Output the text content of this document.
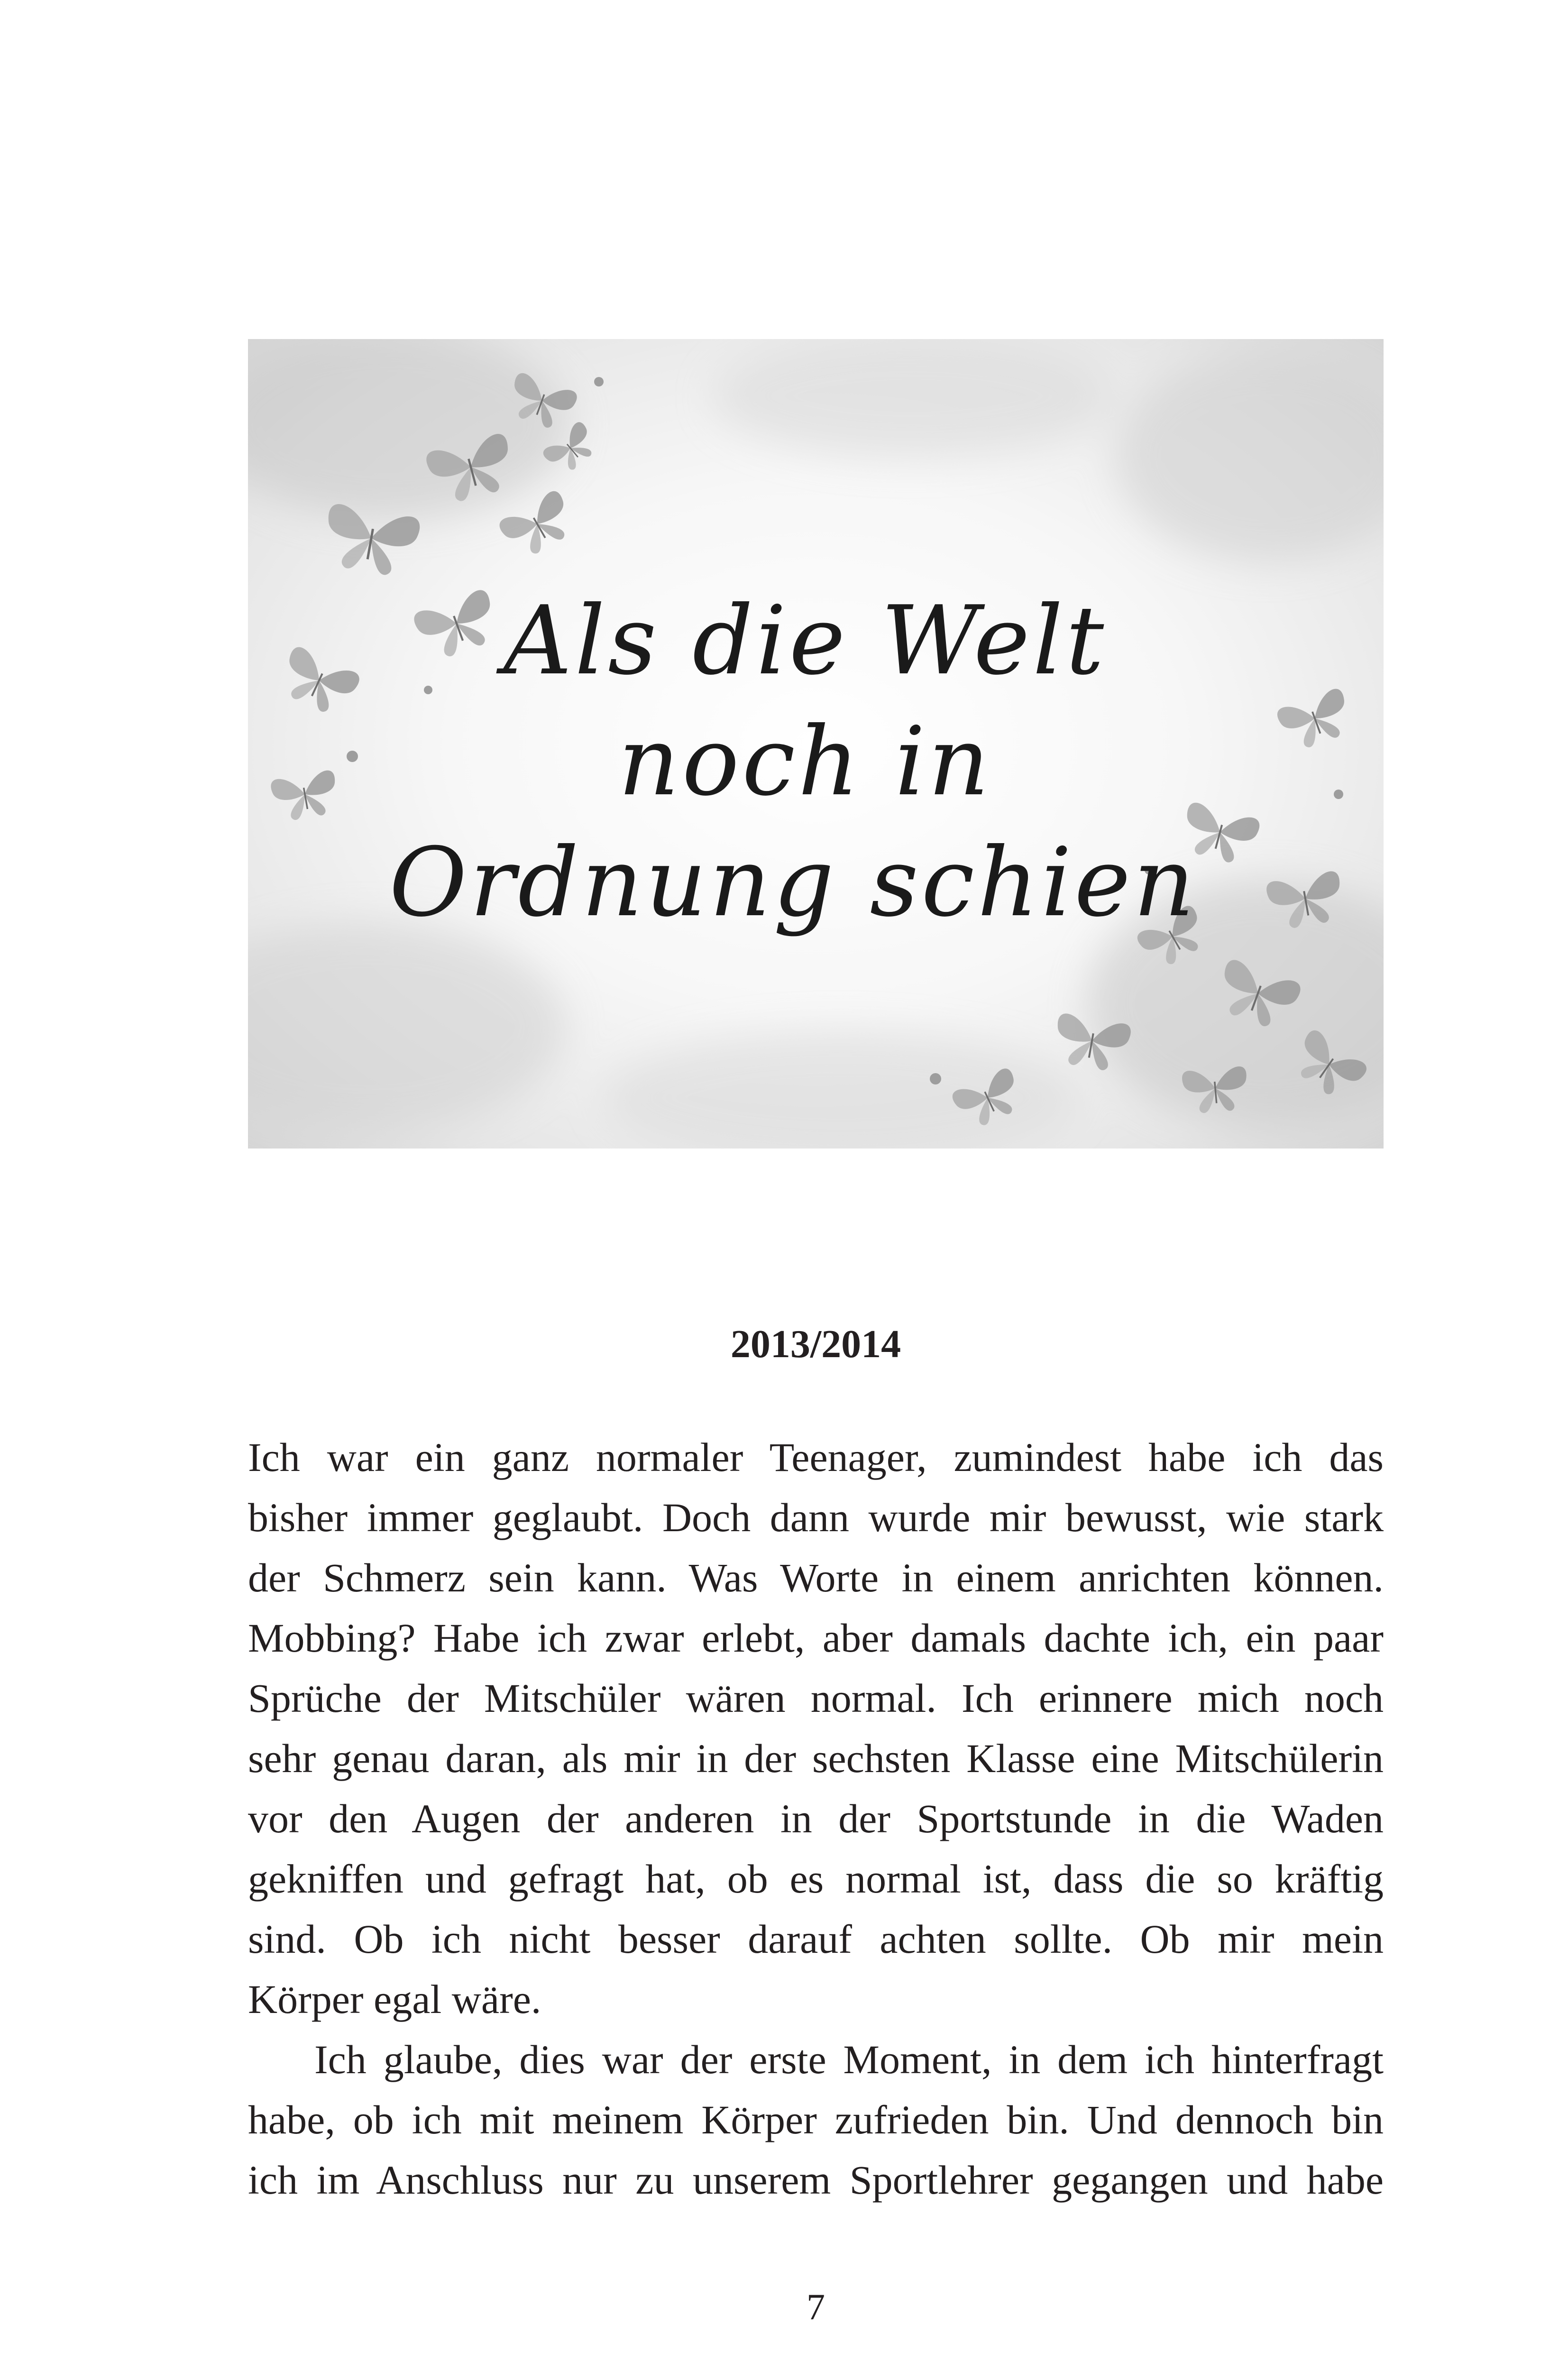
Als die Welt
noch in
Ordnung schien
2013/2014
Ich war ein ganz normaler Teenager, zumindest habe ich das
bisher immer geglaubt. Doch dann wurde mir bewusst, wie stark
der Schmerz sein kann. Was Worte in einem anrichten können.
Mobbing? Habe ich zwar erlebt, aber damals dachte ich, ein paar
Sprüche der Mitschüler wären normal. Ich erinnere mich noch
sehr genau daran, als mir in der sechsten Klasse eine Mitschülerin
vor den Augen der anderen in der Sportstunde in die Waden
gekniffen und gefragt hat, ob es normal ist, dass die so kräftig
sind. Ob ich nicht besser darauf achten sollte. Ob mir mein
Körper egal wäre.
Ich glaube, dies war der erste Moment, in dem ich hinterfragt
habe, ob ich mit meinem Körper zufrieden bin. Und dennoch bin
ich im Anschluss nur zu unserem Sportlehrer gegangen und habe
7
